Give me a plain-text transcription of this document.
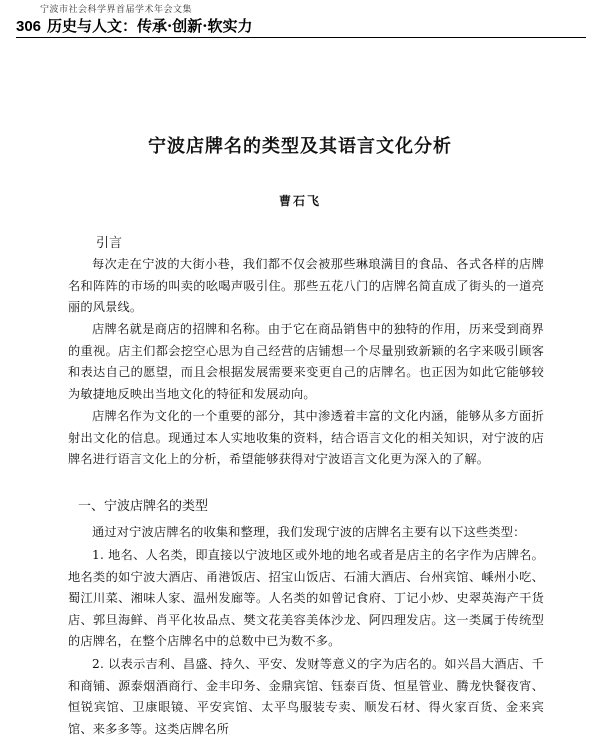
宁波市社会科学界首届学术年会文集
306 历史与人文：传承·创新·软实力
宁波店牌名的类型及其语言文化分析
曹石飞
引言

每次走在宁波的大街小巷，我们都不仅会被那些琳琅满目的食品、各式各样的店牌名和阵阵的市场的叫卖的吆喝声吸引住。那些五花八门的店牌名简直成了街头的一道亮丽的风景线。

店牌名就是商店的招牌和名称。由于它在商品销售中的独特的作用，历来受到商界的重视。店主们都会挖空心思为自己经营的店铺想一个尽量别致新颖的名字来吸引顾客和表达自己的愿望，而且会根据发展需要来变更自己的店牌名。也正因为如此它能够较为敏捷地反映出当地文化的特征和发展动向。

店牌名作为文化的一个重要的部分，其中渗透着丰富的文化内涵，能够从多方面折射出文化的信息。现通过本人实地收集的资料，结合语言文化的相关知识，对宁波的店牌名进行语言文化上的分析，希望能够获得对宁波语言文化更为深入的了解。

一、宁波店牌名的类型

通过对宁波店牌名的收集和整理，我们发现宁波的店牌名主要有以下这些类型：

1. 地名、人名类，即直接以宁波地区或外地的地名或者是店主的名字作为店牌名。地名类的如宁波大酒店、甬港饭店、招宝山饭店、石浦大酒店、台州宾馆、嵊州小吃、蜀江川菜、湘味人家、温州发廊等。人名类的如曾记食府、丁记小炒、史翠英海产干货店、郭旦海鲜、肖平化妆品点、樊文花美容美体沙龙、阿四理发店。这一类属于传统型的店牌名，在整个店牌名中的总数中已为数不多。

2. 以表示吉利、昌盛、持久、平安、发财等意义的字为店名的。如兴昌大酒店、千和商铺、源泰烟酒商行、金丰印务、金鼎宾馆、钰泰百货、恒星管业、腾龙快餐夜宵、恒锐宾馆、卫康眼镜、平安宾馆、太平鸟服装专卖、顺发石材、得火家百货、金来宾馆、来多多等。这类店牌名所
